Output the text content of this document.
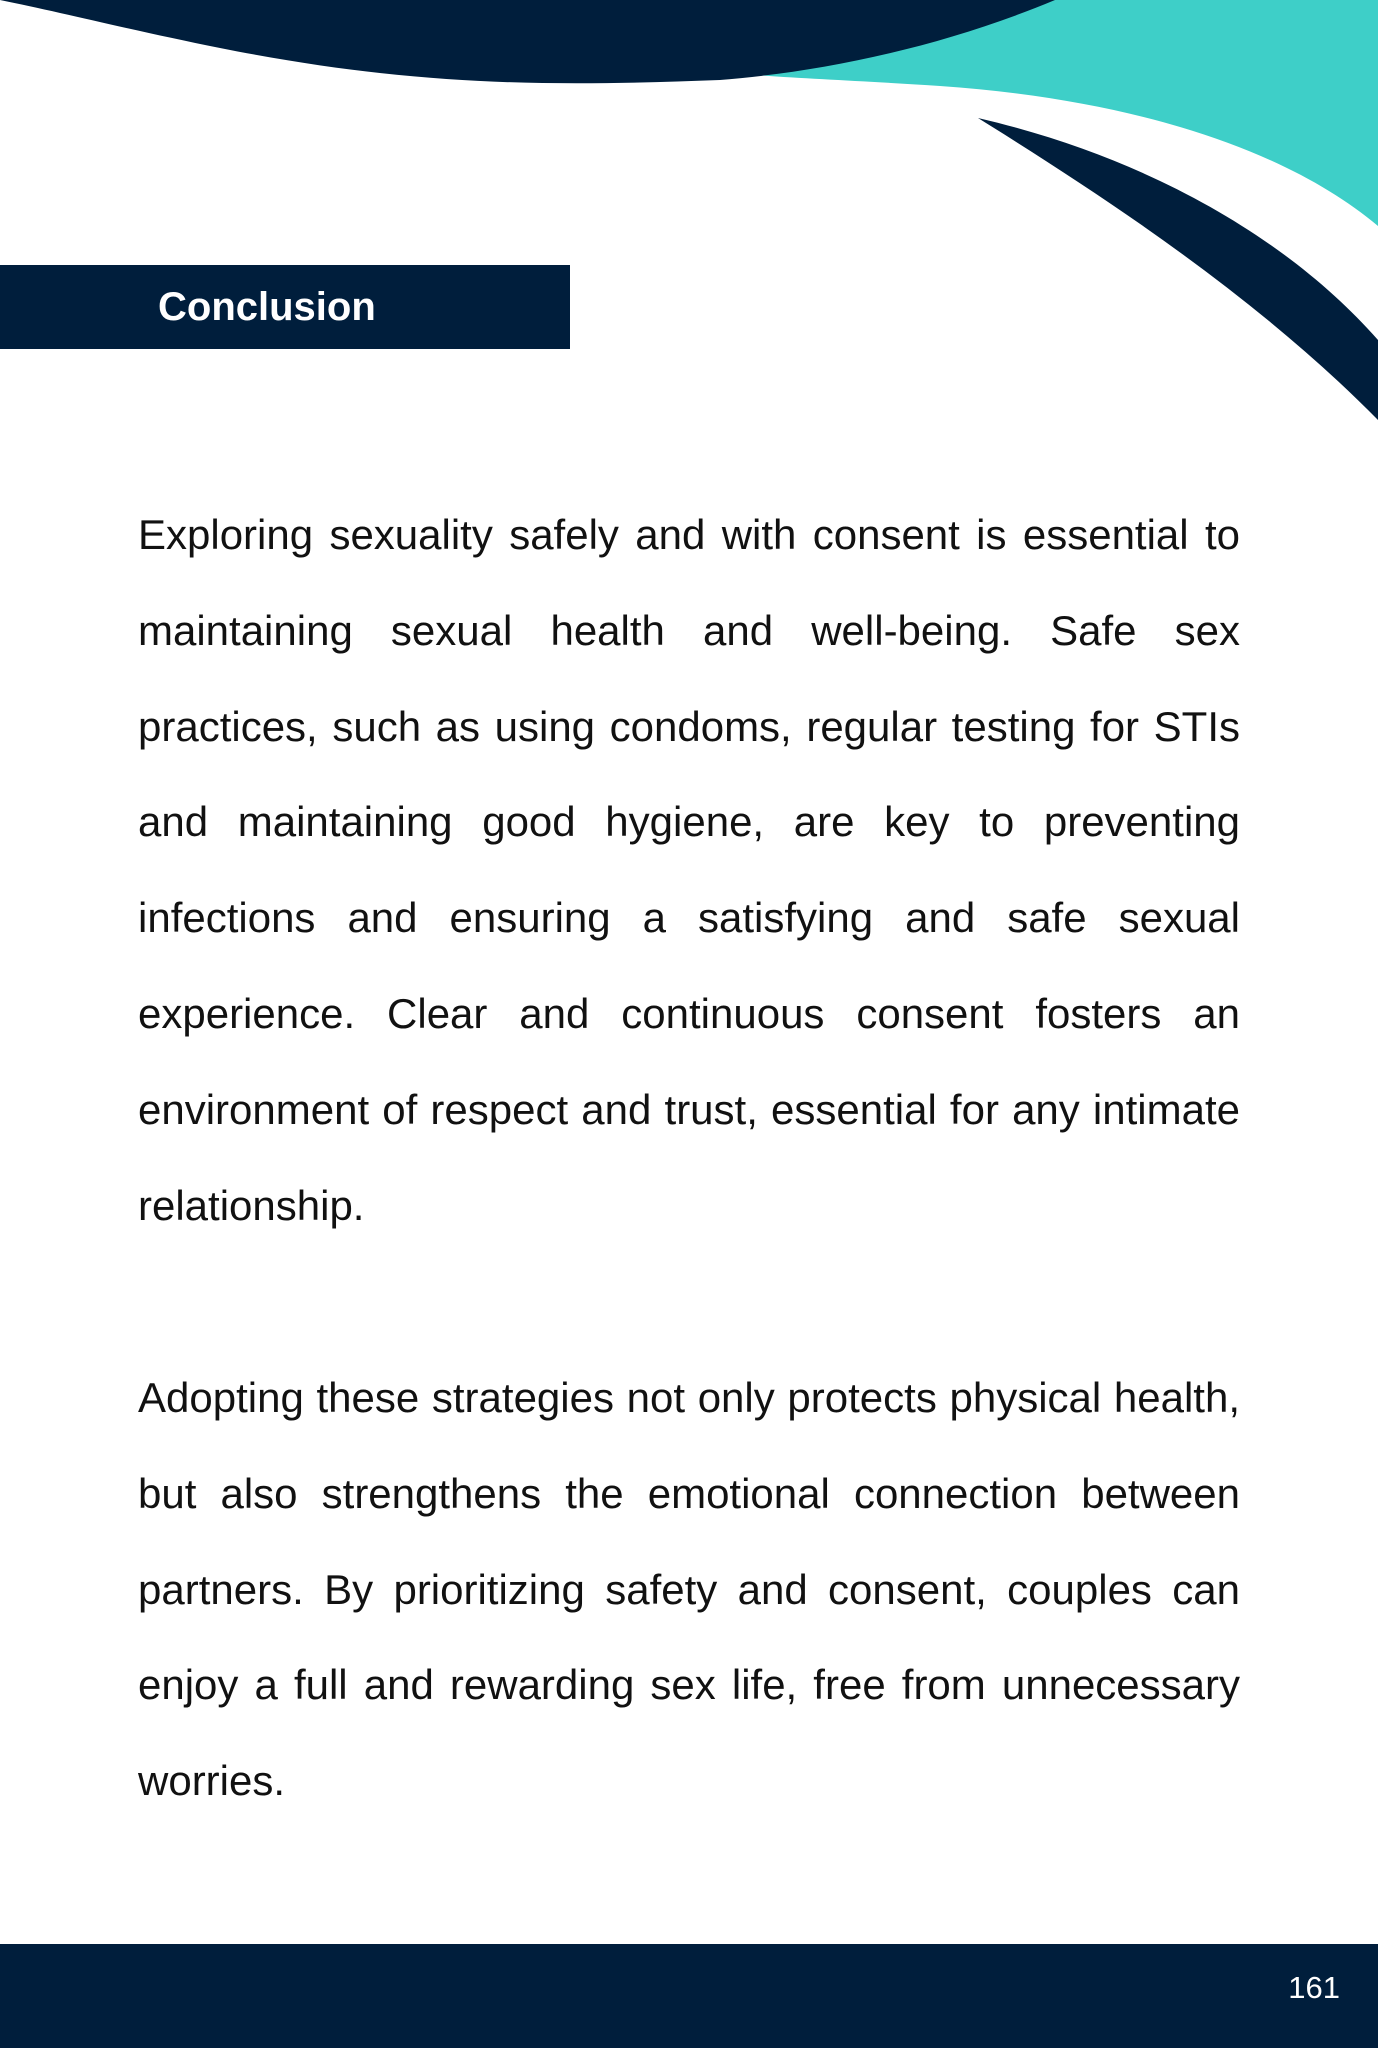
Conclusion

Exploring sexuality safely and with consent is essential to maintaining sexual health and well-being. Safe sex practices, such as using condoms, regular testing for STIs and maintaining good hygiene, are key to preventing infections and ensuring a satisfying and safe sexual experience. Clear and continuous consent fosters an environment of respect and trust, essential for any intimate relationship.

Adopting these strategies not only protects physical health, but also strengthens the emotional connection between partners. By prioritizing safety and consent, couples can enjoy a full and rewarding sex life, free from unnecessary worries.

161
